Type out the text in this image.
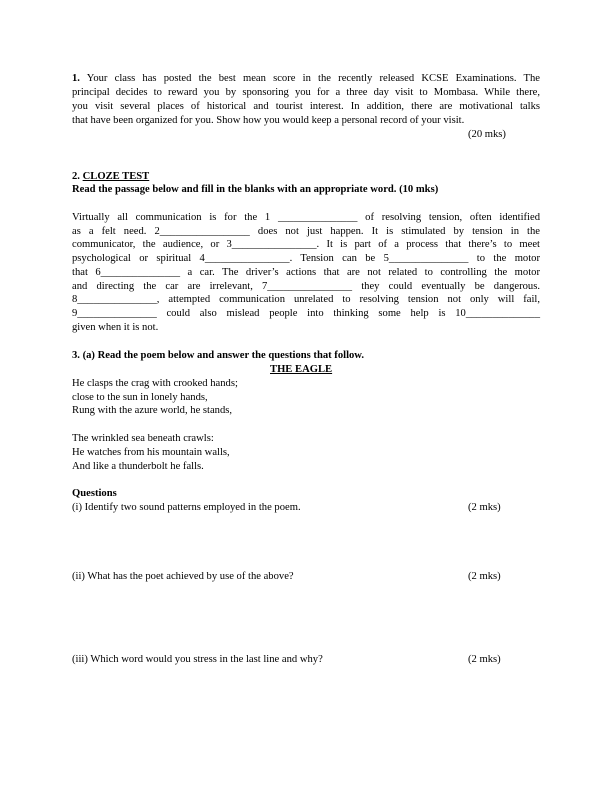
1. Your class has posted the best mean score in the recently released KCSE Examinations. The
principal decides to reward you by sponsoring you for a three day visit to Mombasa. While there,
you visit several places of historical and tourist interest. In addition, there are motivational talks
that have been organized for you. Show how you would keep a personal record of your visit.
(20 mks)
2. CLOZE TEST
Read the passage below and fill in the blanks with an appropriate word. (10 mks)
Virtually all communication is for the 1 _______________ of resolving tension, often identified
as a felt need. 2_________________ does not just happen. It is stimulated by tension in the
communicator, the audience, or 3________________. It is part of a process that there’s to meet
psychological or spiritual 4________________. Tension can be 5_______________ to the motor
that 6_______________ a car. The driver’s actions that are not related to controlling the motor
and directing the car are irrelevant, 7________________ they could eventually be dangerous.
8_______________, attempted communication unrelated to resolving tension not only will fail,
9_______________ could also mislead people into thinking some help is 10______________
given when it is not.
3. (a) Read the poem below and answer the questions that follow.
THE EAGLE
He clasps the crag with crooked hands;
close to the sun in lonely hands,
Rung with the azure world, he stands,
The wrinkled sea beneath crawls:
He watches from his mountain walls,
And like a thunderbolt he falls.
Questions
(i) Identify two sound patterns employed in the poem.	(2 mks)
(ii) What has the poet achieved by use of the above?	(2 mks)
(iii) Which word would you stress in the last line and why?	(2 mks)
